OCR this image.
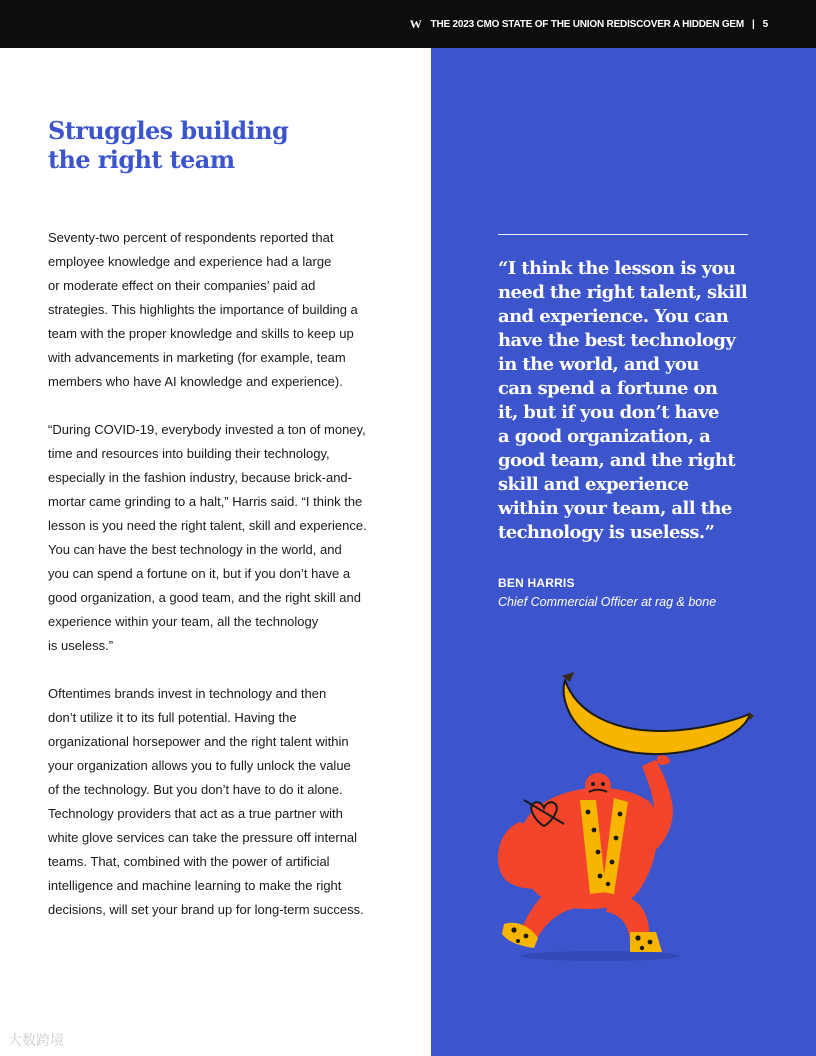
W THE 2023 CMO STATE OF THE UNION REDISCOVER A HIDDEN GEM | 5
Struggles building
the right team

Seventy-two percent of respondents reported that
employee knowledge and experience had a large
or moderate effect on their companies’ paid ad
strategies. This highlights the importance of building a
team with the proper knowledge and skills to keep up
with advancements in marketing (for example, team
members who have AI knowledge and experience).

“During COVID-19, everybody invested a ton of money,
time and resources into building their technology,
especially in the fashion industry, because brick-and-
mortar came grinding to a halt,” Harris said. “I think the
lesson is you need the right talent, skill and experience.
You can have the best technology in the world, and
you can spend a fortune on it, but if you don’t have a
good organization, a good team, and the right skill and
experience within your team, all the technology
is useless.”

Oftentimes brands invest in technology and then
don’t utilize it to its full potential. Having the
organizational horsepower and the right talent within
your organization allows you to fully unlock the value
of the technology. But you don’t have to do it alone.
Technology providers that act as a true partner with
white glove services can take the pressure off internal
teams. That, combined with the power of artificial
intelligence and machine learning to make the right
decisions, will set your brand up for long-term success.

“I think the lesson is you
need the right talent, skill
and experience. You can
have the best technology
in the world, and you
can spend a fortune on
it, but if you don’t have
a good organization, a
good team, and the right
skill and experience
within your team, all the
technology is useless.”
BEN HARRIS
Chief Commercial Officer at rag & bone
大数跨境
